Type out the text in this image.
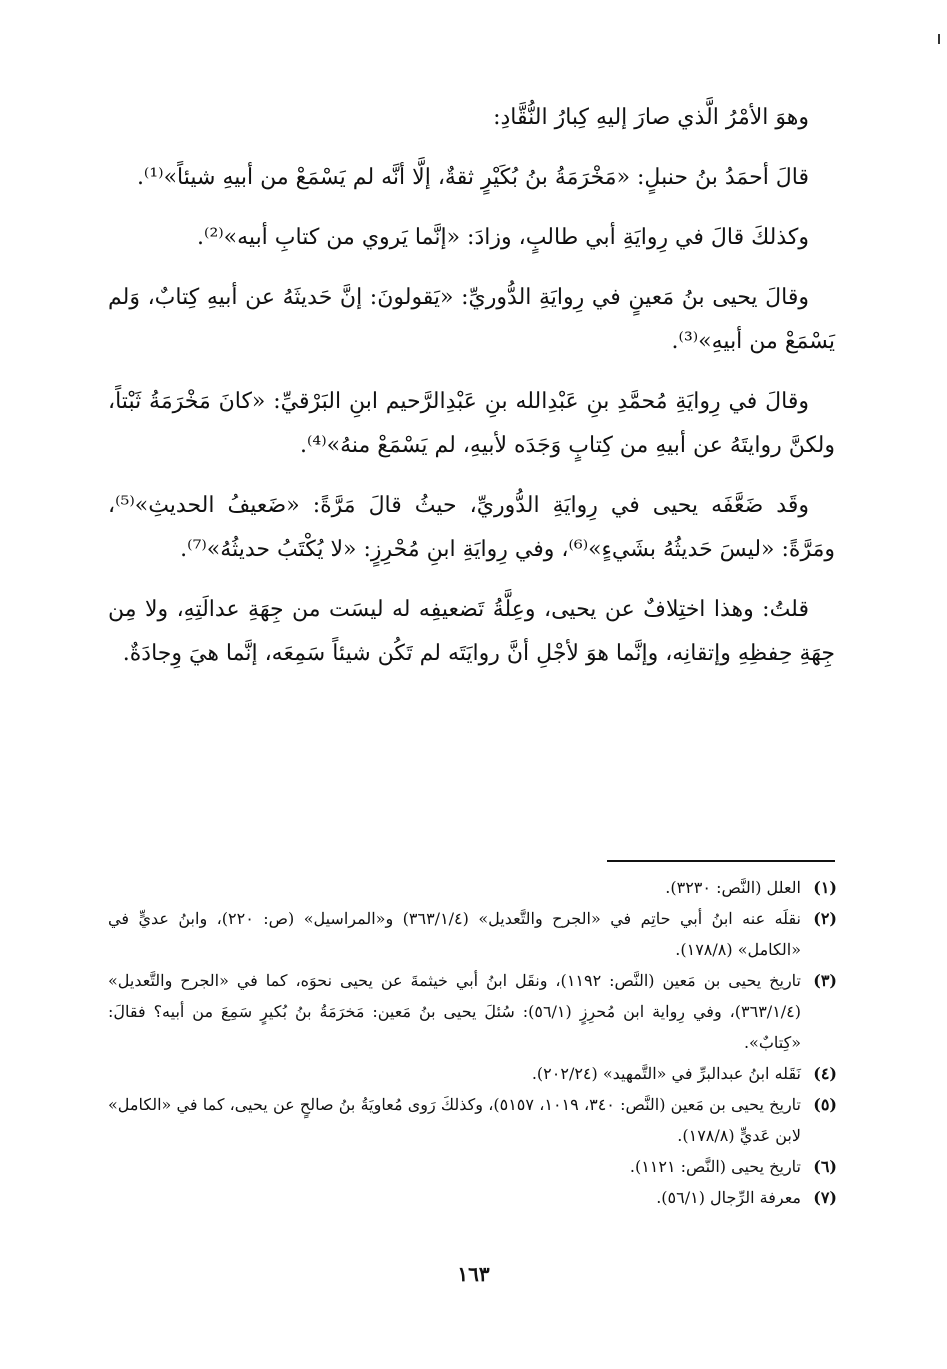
وهوَ الأمْرُ الَّذي صارَ إليهِ كِبارُ النُّقَّادِ:

قالَ أحمَدُ بنُ حنبلٍ: «مَخْرَمَةُ بنُ بُكَيْرٍ ثقةٌ، إلَّا أنَّه لم يَسْمَعْ من أبيهِ شيئاً»⁽¹⁾.

وكذلكَ قالَ في رِوايَةِ أبي طالبٍ، وزادَ: «إنَّما يَروي من كتابِ أبيه»⁽²⁾.

وقالَ يحيى بنُ مَعينٍ في رِوايَةِ الدُّوريِّ: «يَقولونَ: إنَّ حَديثَهُ عن أبيهِ كِتابٌ، وَلم يَسْمَعْ من أبيهِ»⁽³⁾.

وقالَ في رِوايَةِ مُحمَّدِ بنِ عَبْدِالله بنِ عَبْدِالرَّحيم ابنِ البَرْقيِّ: «كانَ مَخْرَمَةُ ثَبْتاً، ولكنَّ روايتَهُ عن أبيهِ من كِتابٍ وَجَدَه لأبيهِ، لم يَسْمَعْ منهُ»⁽⁴⁾.

وقَد ضَعَّفَه يحيى في رِوايَةِ الدُّوريِّ، حيثُ قالَ مَرَّةً: «ضَعيفُ الحديثِ»⁽⁵⁾، ومَرَّةً: «ليسَ حَديثُهُ بشَيءٍ»⁽⁶⁾، وفي رِوايَةِ ابنِ مُحْرِزٍ: «لا يُكْتَبُ حديثُهُ»⁽⁷⁾.

قلتُ: وهذا اختِلافٌ عن يحيى، وعِلَّةُ تَضعيفِه له ليسَت من جِهَةِ عدالَتِهِ، ولا مِن جِهَةِ حِفظِهِ وإتقانِه، وإنَّما هوَ لأجْلِ أنَّ روايَتَه لم تَكُن شيئاً سَمِعَه، إنَّما هيَ وِجادَةٌ.

(١)
العلل (النَّص: ٣٢٣٠).
(٢)
نقلَه عنه ابنُ أبي حاتِم في «الجرح والتَّعديل» (٣٦٣/١/٤) و«المراسيل» (ص: ٢٢٠)، وابنُ عديٍّ في «الكامل» (١٧٨/٨).
(٣)
تاريخ يحيى بن مَعين (النَّص: ١١٩٢)، ونقَل ابنُ أبي خيثمةَ عن يحيى نحوَه، كما في «الجرح والتَّعديل» (٣٦٣/١/٤)، وفي رِواية ابن مُحرِزٍ (٥٦/١): سُئلَ يحيى بنُ مَعين: مَخرَمَةُ بنُ بُكيرٍ سَمِعَ من أبيه؟ فقالَ: «كِتابٌ».
(٤)
نَقَله ابنُ عبدالبرِّ في «التَّمهيد» (٢٠٢/٢٤).
(٥)
تاريخ يحيى بن مَعين (النَّص: ٣٤٠، ١٠١٩، ٥١٥٧)، وكذلكَ رَوى مُعاويَةُ بنُ صالحٍ عن يحيى، كما في «الكامل» لابن عَديٍّ (١٧٨/٨).
(٦)
تاريخ يحيى (النَّص: ١١٢١).
(٧)
معرفة الرِّجال (٥٦/١).
١٦٣
